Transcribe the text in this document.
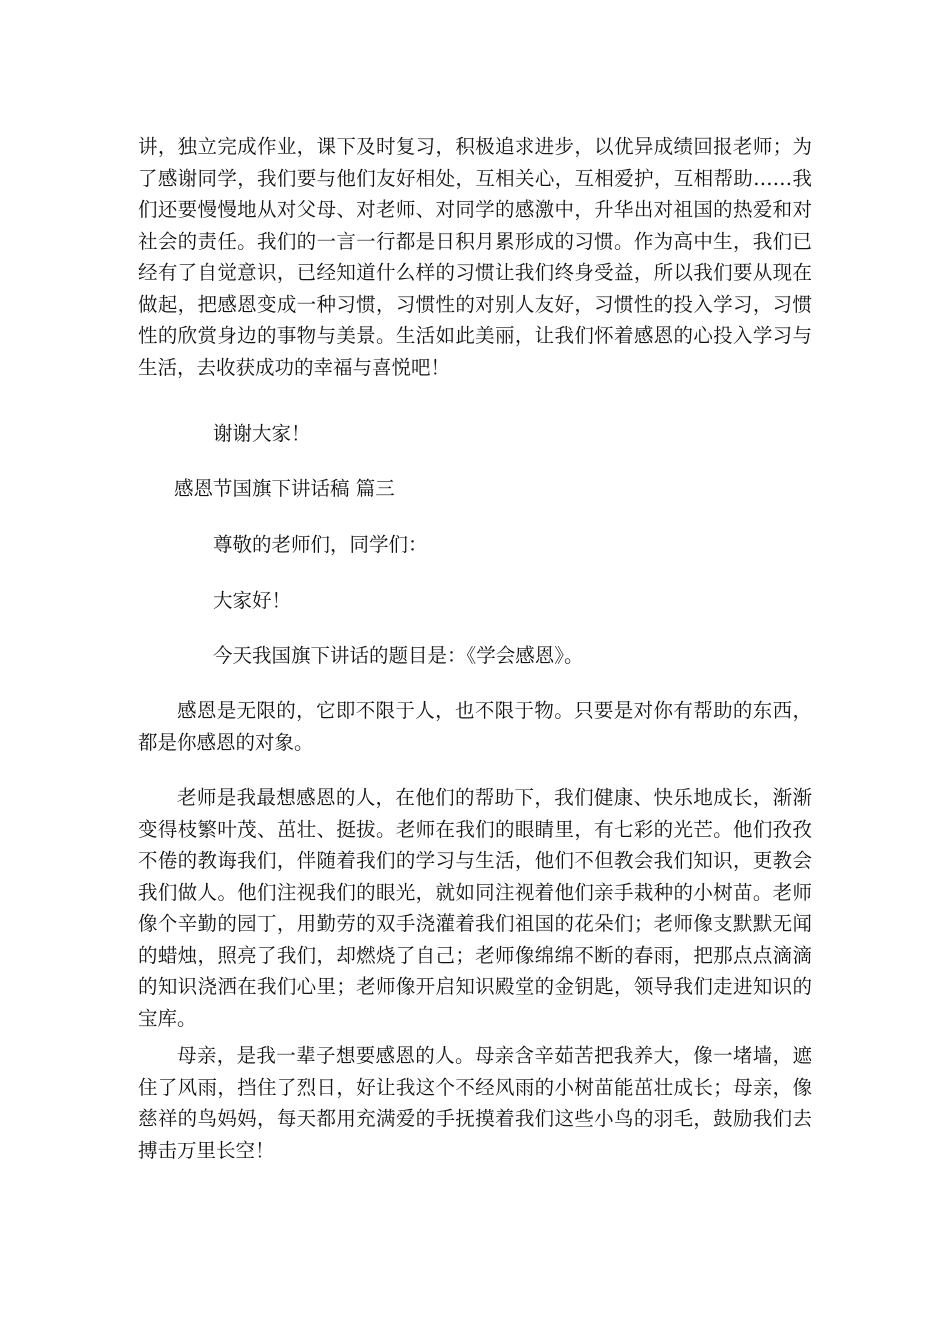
讲，独立完成作业，课下及时复习，积极追求进步，以优异成绩回报老师；为了感谢同学，我们要与他们友好相处，互相关心，互相爱护，互相帮助……我们还要慢慢地从对父母、对老师、对同学的感激中，升华出对祖国的热爱和对社会的责任。我们的一言一行都是日积月累形成的习惯。作为高中生，我们已经有了自觉意识，已经知道什么样的习惯让我们终身受益，所以我们要从现在做起，把感恩变成一种习惯，习惯性的对别人友好，习惯性的投入学习，习惯性的欣赏身边的事物与美景。生活如此美丽，让我们怀着感恩的心投入学习与生活，去收获成功的幸福与喜悦吧！

谢谢大家！

感恩节国旗下讲话稿 篇三

尊敬的老师们，同学们：

大家好！

今天我国旗下讲话的题目是：《学会感恩》。

感恩是无限的，它即不限于人，也不限于物。只要是对你有帮助的东西，都是你感恩的对象。

老师是我最想感恩的人，在他们的帮助下，我们健康、快乐地成长，渐渐变得枝繁叶茂、茁壮、挺拔。老师在我们的眼睛里，有七彩的光芒。他们孜孜不倦的教诲我们，伴随着我们的学习与生活，他们不但教会我们知识，更教会我们做人。他们注视我们的眼光，就如同注视着他们亲手栽种的小树苗。老师像个辛勤的园丁，用勤劳的双手浇灌着我们祖国的花朵们；老师像支默默无闻的蜡烛，照亮了我们，却燃烧了自己；老师像绵绵不断的春雨，把那点点滴滴的知识浇洒在我们心里；老师像开启知识殿堂的金钥匙，领导我们走进知识的宝库。

母亲，是我一辈子想要感恩的人。母亲含辛茹苦把我养大，像一堵墙，遮住了风雨，挡住了烈日，好让我这个不经风雨的小树苗能茁壮成长；母亲，像慈祥的鸟妈妈，每天都用充满爱的手抚摸着我们这些小鸟的羽毛，鼓励我们去搏击万里长空！
